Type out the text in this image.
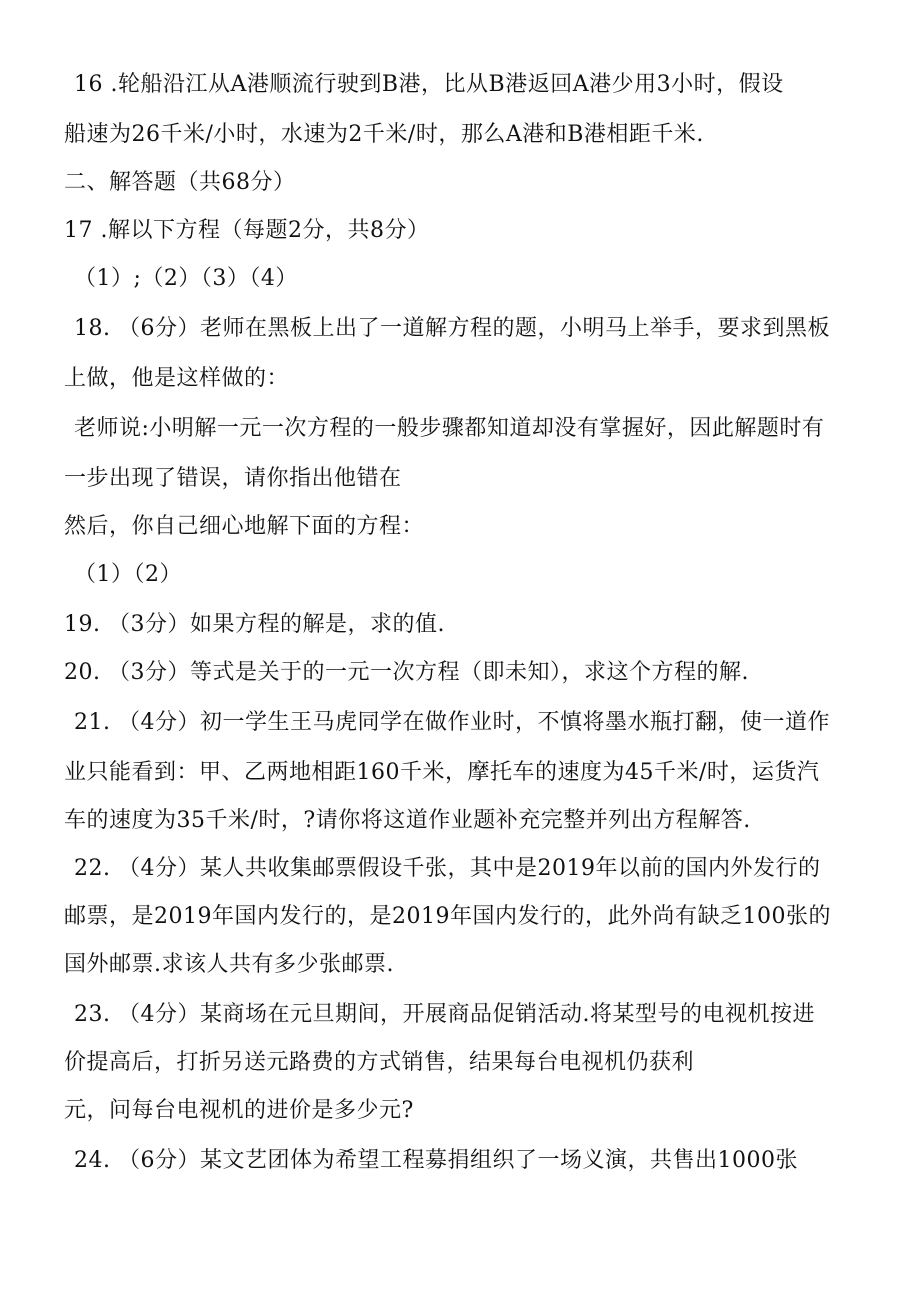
16 .轮船沿江从A港顺流行驶到B港，比从B港返回A港少用3小时，假设
船速为26千米/小时，水速为2千米/时，那么A港和B港相距千米.
二、解答题（共68分）
17 .解以下方程（每题2分，共8分）
（1）;（2）（3）（4）
18. （6分）老师在黑板上出了一道解方程的题，小明马上举手，要求到黑板
上做，他是这样做的：
老师说:小明解一元一次方程的一般步骤都知道却没有掌握好，因此解题时有
一步出现了错误，请你指出他错在
然后，你自己细心地解下面的方程：
（1）（2）
19. （3分）如果方程的解是，求的值.
20. （3分）等式是关于的一元一次方程（即未知），求这个方程的解.
21. （4分）初一学生王马虎同学在做作业时，不慎将墨水瓶打翻，使一道作
业只能看到：甲、乙两地相距160千米，摩托车的速度为45千米/时，运货汽
车的速度为35千米/时，?请你将这道作业题补充完整并列出方程解答.
22. （4分）某人共收集邮票假设千张，其中是2019年以前的国内外发行的
邮票，是2019年国内发行的，是2019年国内发行的，此外尚有缺乏100张的
国外邮票.求该人共有多少张邮票.
23. （4分）某商场在元旦期间，开展商品促销活动.将某型号的电视机按进
价提高后，打折另送元路费的方式销售，结果每台电视机仍获利
元，问每台电视机的进价是多少元?
24. （6分）某文艺团体为希望工程募捐组织了一场义演，共售出1000张
